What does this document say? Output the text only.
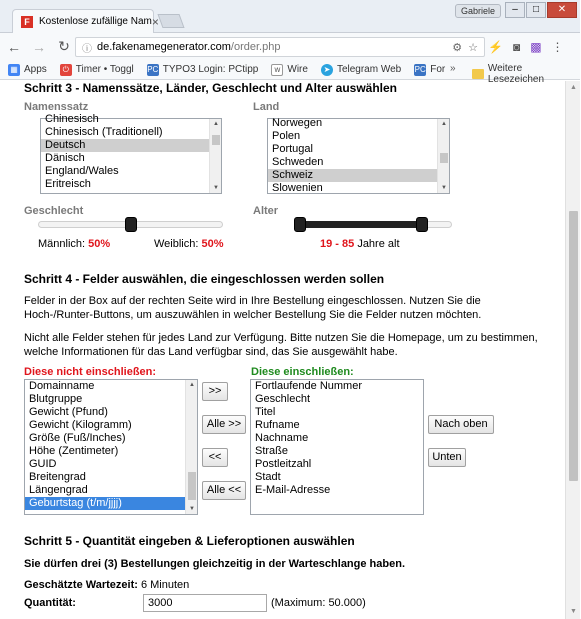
F Kostenlose zufällige Nam ×
Gabriele	–	□	✕
← → ↻	ⓘ de.fakenamegenerator.com /order.php	⚙ ☆ ⚡ ◙ ▩ ⋮
▦ Apps	⏻ Timer • Toggl PC TYPO3 Login: PCtipp	w Wire	➤ Telegram Web PC For »	Weitere Lesezeichen
Schritt 3 - Namenssätze, Länder, Geschlecht und Alter auswählen
Namenssatz
Chinesisch
Chinesisch (Traditionell)
Deutsch
Dänisch
England/Wales
Eritreisch
▲
▼
Land
Norwegen
Polen
Portugal
Schweden
Schweiz
Slowenien
▲
▼
Geschlecht
Männlich: 50%	Weiblich: 50%
Alter
19 - 85 Jahre alt
Schritt 4 - Felder auswählen, die eingeschlossen werden sollen
Felder in der Box auf der rechten Seite wird in Ihre Bestellung eingeschlossen. Nutzen Sie die Hoch-/Runter-Buttons, um auszuwählen in welcher Bestellung Sie die Felder nutzen möchten.
Nicht alle Felder stehen für jedes Land zur Verfügung. Bitte nutzen Sie die Homepage, um zu bestimmen, welche Informationen für das Land verfügbar sind, das Sie ausgewählt habe.
Diese nicht einschließen:
Domainname
Blutgruppe
Gewicht (Pfund)
Gewicht (Kilogramm)
Größe (Fuß/Inches)
Höhe (Zentimeter)
GUID
Breitengrad
Längengrad
Geburtstag (t/m/jjjj)
▲
▼
>>
Alle >>
<<
Alle <<
Diese einschließen:
Fortlaufende Nummer
Geschlecht
Titel
Rufname
Nachname
Straße
Postleitzahl
Stadt
E-Mail-Adresse
Nach oben
Unten
Schritt 5 - Quantität eingeben & Lieferoptionen auswählen
Sie dürfen drei (3) Bestellungen gleichzeitig in der Warteschlange haben.
Geschätzte Wartezeit: 6 Minuten
Quantität:
3000	(Maximum: 50.000)
▲
▼
